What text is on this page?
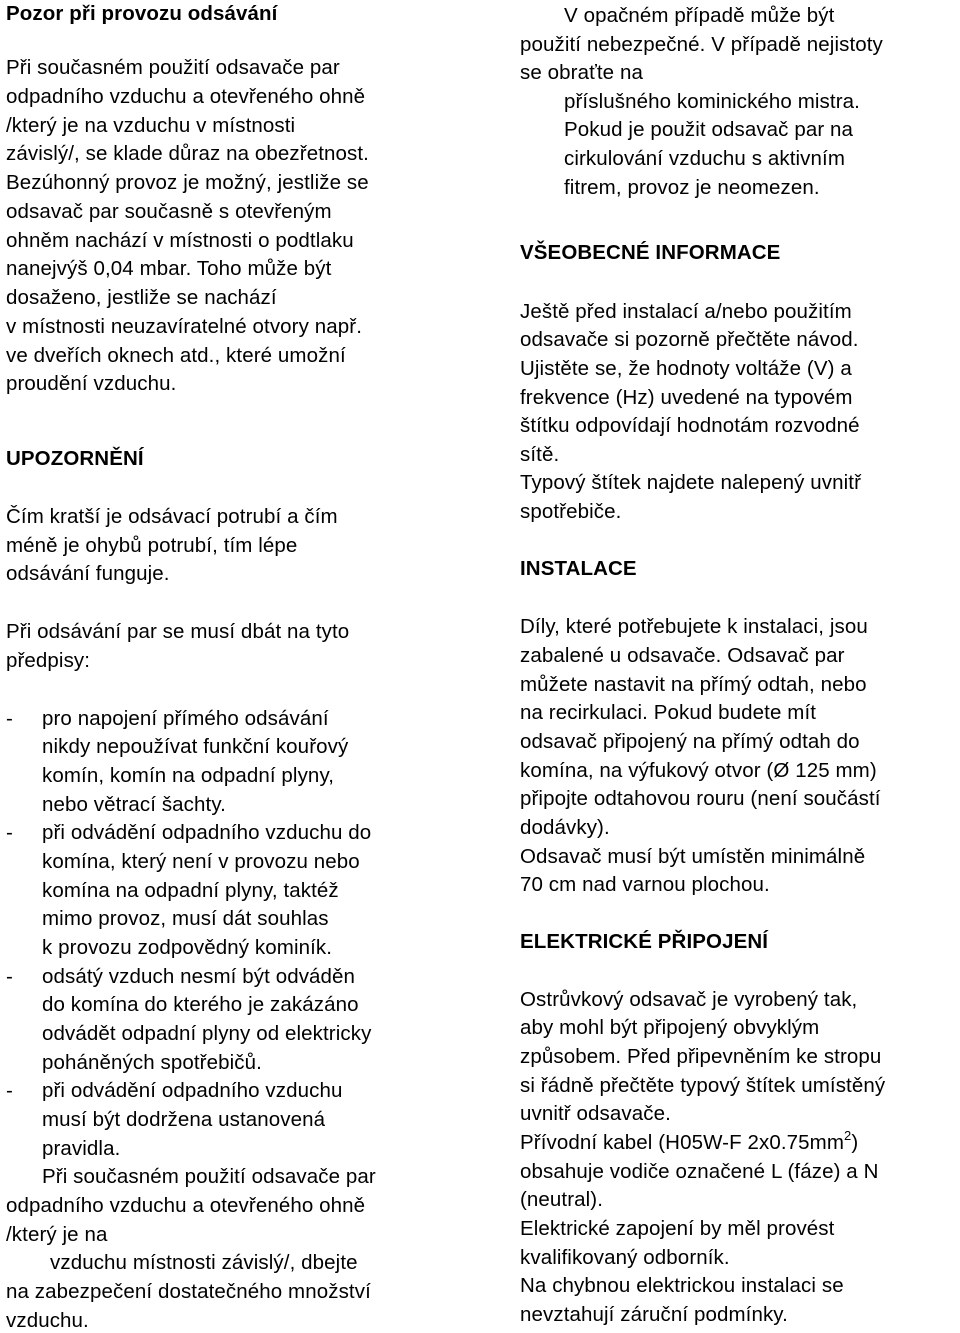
Pozor při provozu odsávání
Při současném použití odsavače par
odpadního vzduchu a otevřeného ohně
/který je na vzduchu v místnosti
závislý/, se klade důraz na obezřetnost.
Bezúhonný provoz je možný, jestliže se
odsavač par současně s otevřeným
ohněm nachází v místnosti o podtlaku
nanejvýš 0,04 mbar. Toho může být
dosaženo, jestliže se nachází
v místnosti neuzavíratelné otvory např.
ve dveřích oknech atd., které umožní
proudění vzduchu.
UPOZORNĚNÍ
Čím kratší je odsávací potrubí a čím
méně je ohybů potrubí, tím lépe
odsávání funguje.
Při odsávání par se musí dbát na tyto
předpisy:
- pro napojení přímého odsávání
nikdy nepoužívat funkční kouřový
komín, komín na odpadní plyny,
nebo větrací šachty.
- při odvádění odpadního vzduchu do
komína, který není v provozu nebo
komína na odpadní plyny, taktéž
mimo provoz, musí dát souhlas
k provozu zodpovědný kominík.
- odsátý vzduch nesmí být odváděn
do komína do kterého je zakázáno
odvádět odpadní plyny od elektricky
poháněných spotřebičů.
- při odvádění odpadního vzduchu
musí být dodržena ustanovená
pravidla.
Při současném použití odsavače par
odpadního vzduchu a otevřeného ohně
/který je na
vzduchu místnosti závislý/, dbejte
na zabezpečení dostatečného množství
vzduchu.
V opačném případě může být
použití nebezpečné. V případě nejistoty
se obraťte na
příslušného kominického mistra.
Pokud je použit odsavač par na
cirkulování vzduchu s aktivním
fitrem, provoz je neomezen.
VŠEOBECNÉ INFORMACE
Ještě před instalací a/nebo použitím
odsavače si pozorně přečtěte návod.
Ujistěte se, že hodnoty voltáže (V) a
frekvence (Hz) uvedené na typovém
štítku odpovídají hodnotám rozvodné
sítě.
Typový štítek najdete nalepený uvnitř
spotřebiče.
INSTALACE
Díly, které potřebujete k instalaci, jsou
zabalené u odsavače. Odsavač par
můžete nastavit na přímý odtah, nebo
na recirkulaci. Pokud budete mít
odsavač připojený na přímý odtah do
komína, na výfukový otvor (Ø 125 mm)
připojte odtahovou rouru (není součástí
dodávky).
Odsavač musí být umístěn minimálně
70 cm nad varnou plochou.
ELEKTRICKÉ PŘIPOJENÍ
Ostrůvkový odsavač je vyrobený tak,
aby mohl být připojený obvyklým
způsobem. Před připevněním ke stropu
si řádně přečtěte typový štítek umístěný
uvnitř odsavače.
Přívodní kabel (H05W-F $2x0.75mm^2$)
obsahuje vodiče označené L (fáze) a N
(neutral).
Elektrické zapojení by měl provést
kvalifikovaný odborník.
Na chybnou elektrickou instalaci se
nevztahují záruční podmínky.
